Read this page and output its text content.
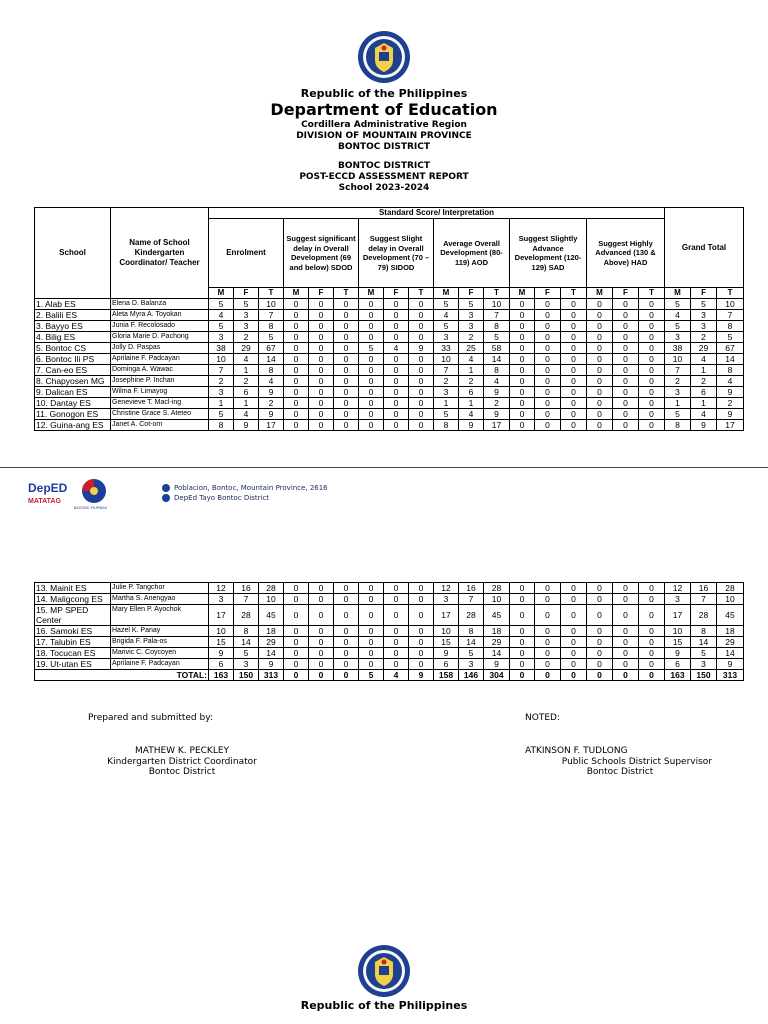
Republic of the Philippines
Department of Education
Cordillera Administrative Region
DIVISION OF MOUNTAIN PROVINCE
BONTOC DISTRICT
BONTOC DISTRICT
POST-ECCD ASSESSMENT REPORT
School 2023-2024
School	Name of School Kindergarten Coordinator/ Teacher	Standard Score/ Interpretation																		Grand Total		
		Enrolment			Suggest significant delay in Overall Development (69 and below) SDOD			Suggest Slight delay in Overall Development (70 – 79) SIDOD			Average Overall Development (80-119) AOD			Suggest Slightly Advance Development (120-129) SAD			Suggest Highly Advanced (130 & Above) HAD					
		M	F	T	M	F	T	M	F	T	M	F	T	M	F	T	M	F	T	M	F	T
1. Alab ES	Elena D. Balanza	5	5	10	0	0	0	0	0	0	5	5	10	0	0	0	0	0	0	5	5	10
2. Balili ES	Aleta Myra A. Toyokan	4	3	7	0	0	0	0	0	0	4	3	7	0	0	0	0	0	0	4	3	7
3. Bayyo ES	Junia F. Recolosado	5	3	8	0	0	0	0	0	0	5	3	8	0	0	0	0	0	0	5	3	8
4. Bilig ES	Gloria Marie D. Pachong	3	2	5	0	0	0	0	0	0	3	2	5	0	0	0	0	0	0	3	2	5
5. Bontoc CS	Jolly D. Paspas	38	29	67	0	0	0	5	4	9	33	25	58	0	0	0	0	0	0	38	29	67
6. Bontoc Ili PS	Aprilaine F. Padcayan	10	4	14	0	0	0	0	0	0	10	4	14	0	0	0	0	0	0	10	4	14
7. Can-eo ES	Dominga A. Wawac	7	1	8	0	0	0	0	0	0	7	1	8	0	0	0	0	0	0	7	1	8
8. Chapyosen MG	Josephine P. Inchan	2	2	4	0	0	0	0	0	0	2	2	4	0	0	0	0	0	0	2	2	4
9. Dalican ES	Wilma F. Limayog	3	6	9	0	0	0	0	0	0	3	6	9	0	0	0	0	0	0	3	6	9
10. Dantay ES	Genevieve T. Macl-ing	1	1	2	0	0	0	0	0	0	1	1	2	0	0	0	0	0	0	1	1	2
11. Gonogon ES	Christine Grace S. Ateteo	5	4	9	0	0	0	0	0	0	5	4	9	0	0	0	0	0	0	5	4	9
12. Guina-ang ES	Janet A. Cot-om	8	9	17	0	0	0	0	0	0	8	9	17	0	0	0	0	0	0	8	9	17
DepED
MATATAG
BAGONG PILIPINAS
Poblacion, Bontoc, Mountain Province, 2616
DepEd Tayo Bontoc District
13. Mainit ES	Julie P. Tangchor	12	16	28	0	0	0	0	0	0	12	16	28	0	0	0	0	0	0	12	16	28
14. Maligcong ES	Martha S. Anengyao	3	7	10	0	0	0	0	0	0	3	7	10	0	0	0	0	0	0	3	7	10
15. MP SPED Center	Mary Ellen P. Ayochok	17	28	45	0	0	0	0	0	0	17	28	45	0	0	0	0	0	0	17	28	45
16. Samoki ES	Hazel K. Panay	10	8	18	0	0	0	0	0	0	10	8	18	0	0	0	0	0	0	10	8	18
17. Talubin ES	Brigida F. Pala-os	15	14	29	0	0	0	0	0	0	15	14	29	0	0	0	0	0	0	15	14	29
18. Tocucan ES	Marivic C. Coycoyen	9	5	14	0	0	0	0	0	0	9	5	14	0	0	0	0	0	0	9	5	14
19. Ut-utan ES	Aprilaine F. Padcayan	6	3	9	0	0	0	0	0	0	6	3	9	0	0	0	0	0	0	6	3	9
TOTAL:		163	150	313	0	0	0	5	4	9	158	146	304	0	0	0	0	0	0	163	150	313
Prepared and submitted by:	NOTED:
MATHEW K. PECKLEY
Kindergarten District Coordinator
Bontoc District
ATKINSON F. TUDLONG
Public Schools District Supervisor
Bontoc District
Republic of the Philippines
